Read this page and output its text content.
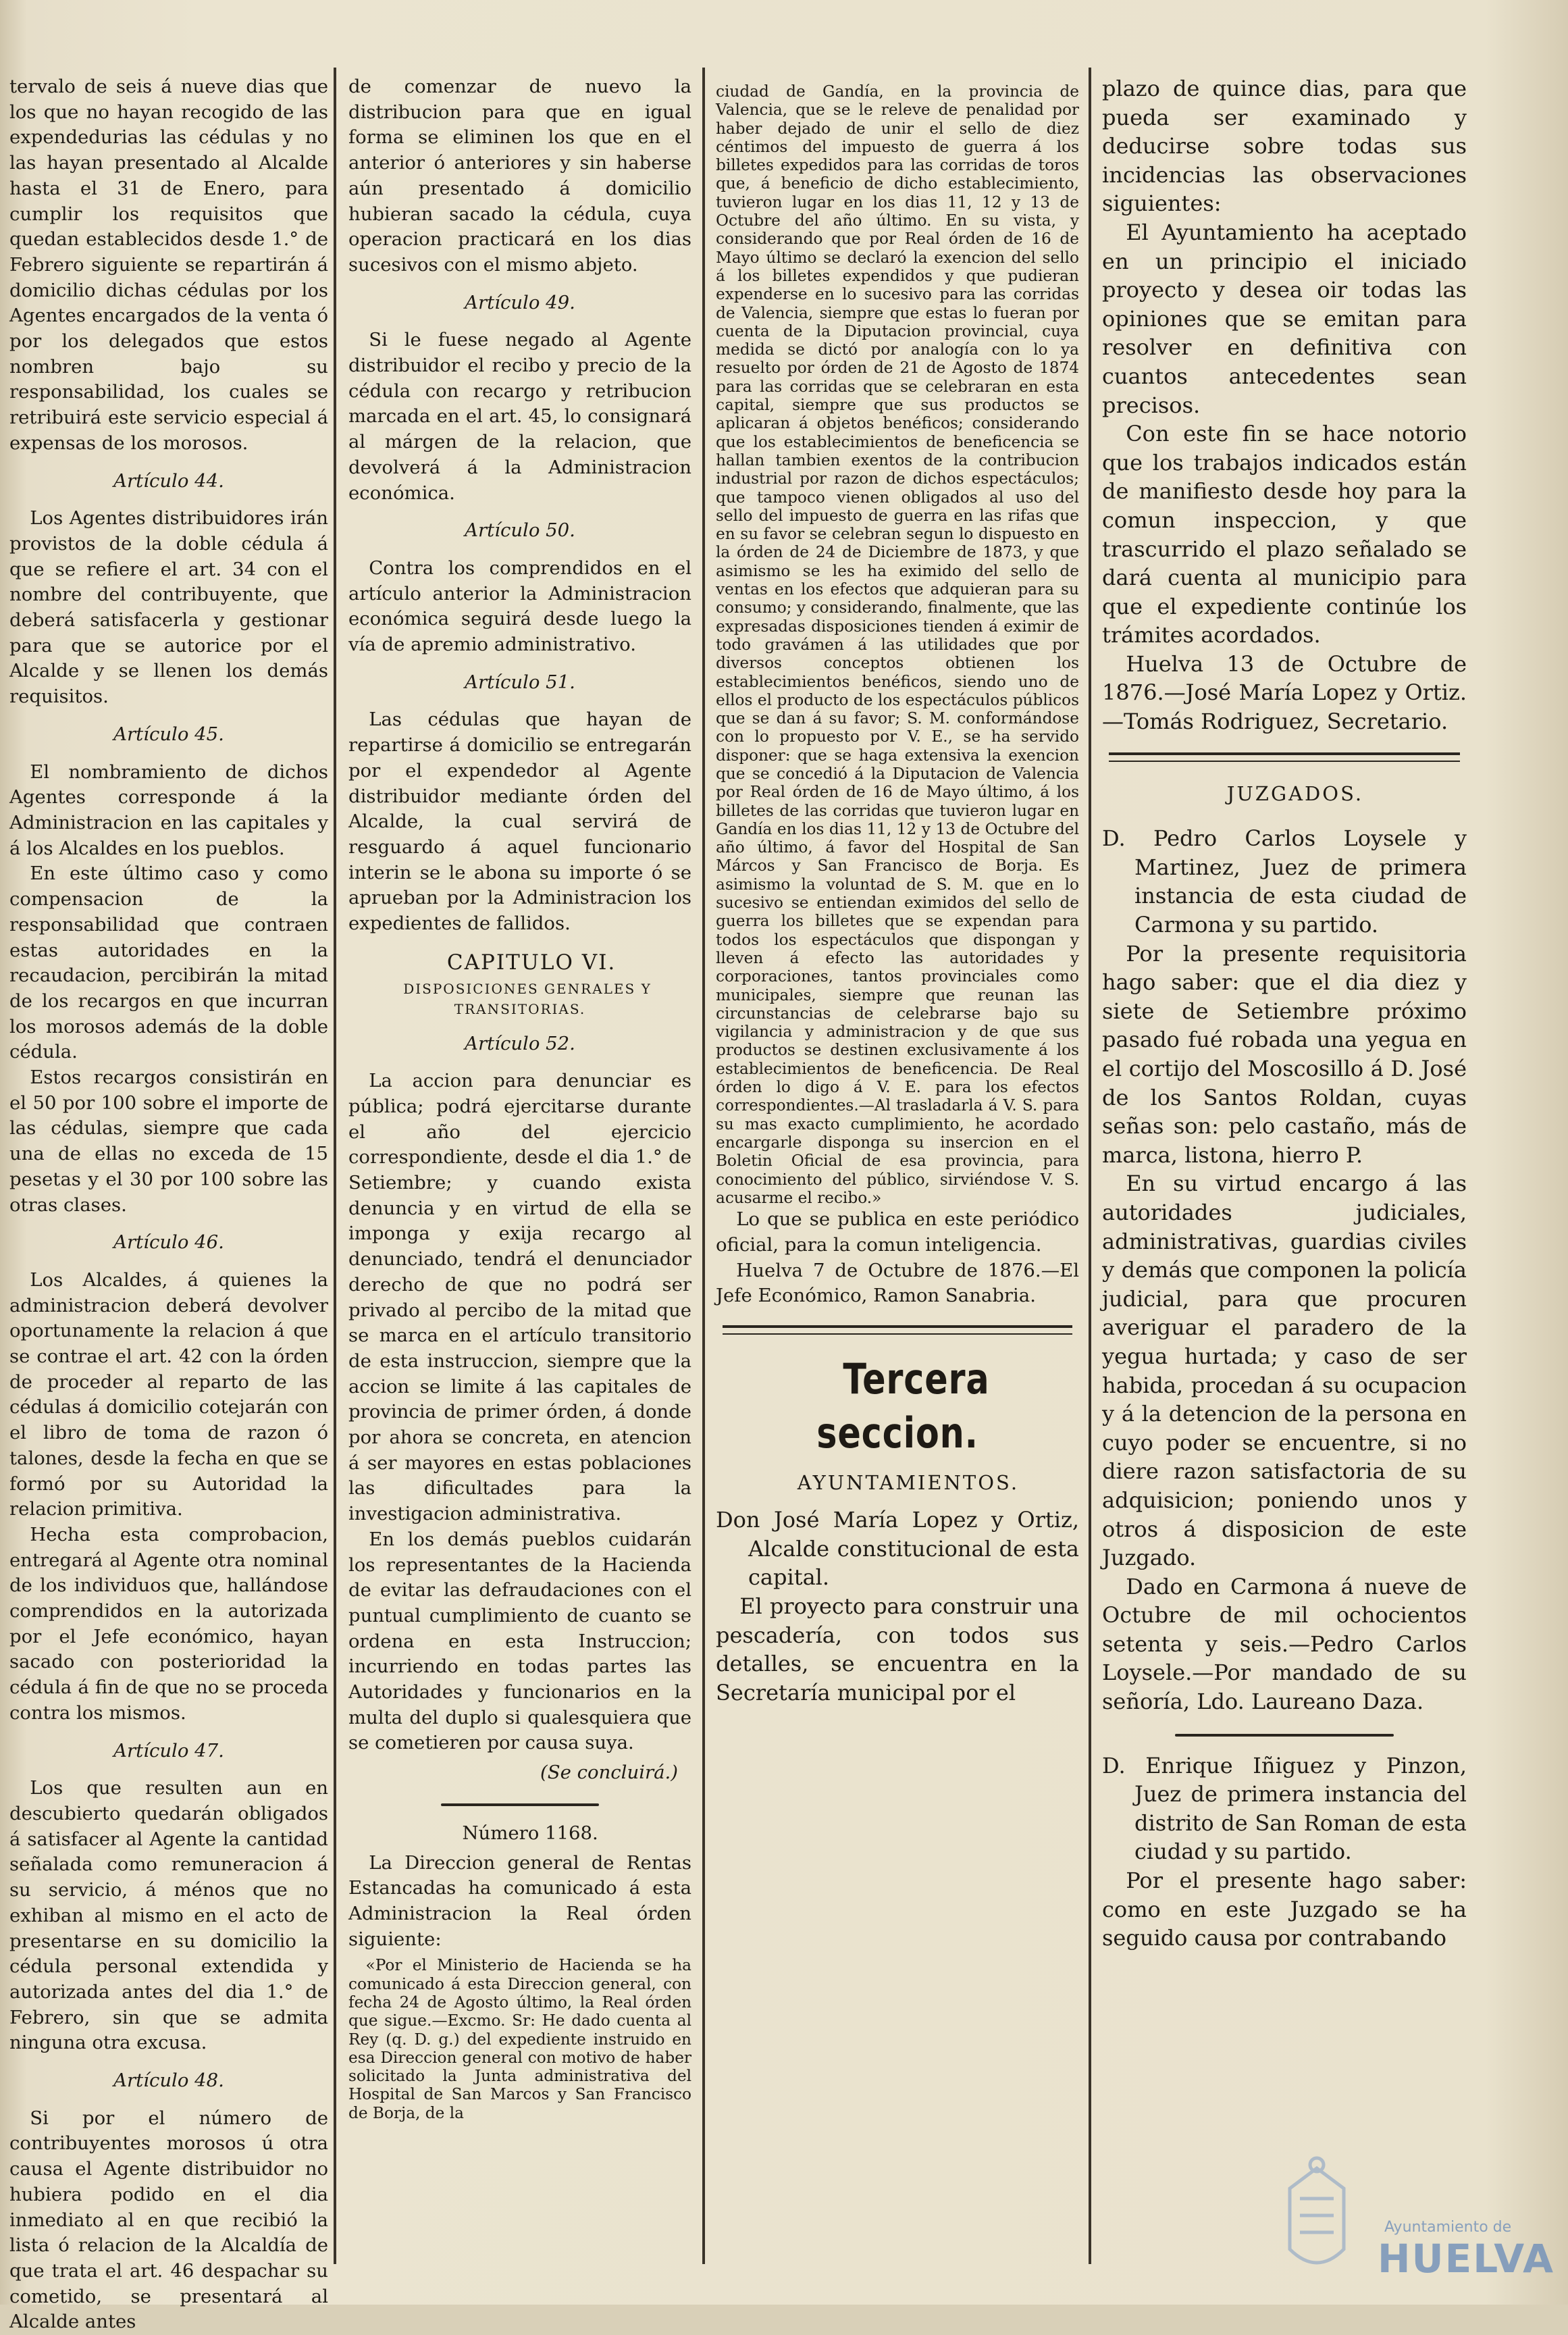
tervalo de seis á nueve dias que los que no hayan recogido de las expendedurias las cédulas y no las hayan presentado al Alcalde hasta el 31 de Enero, para cumplir los requisitos que quedan establecidos desde 1.° de Febrero siguiente se repartirán á domicilio dichas cédulas por los Agentes encargados de la venta ó por los delegados que estos nombren bajo su responsabilidad, los cuales se retribuirá este servicio especial á expensas de los morosos.

Artículo 44.

Los Agentes distribuidores irán provistos de la doble cédula á que se refiere el art. 34 con el nombre del contribuyente, que deberá satisfacerla y gestionar para que se autorice por el Alcalde y se llenen los demás requisitos.

Artículo 45.

El nombramiento de dichos Agentes corresponde á la Administracion en las capitales y á los Alcaldes en los pueblos.

En este último caso y como compensacion de la responsabilidad que contraen estas autoridades en la recaudacion, percibirán la mitad de los recargos en que incurran los morosos además de la doble cédula.

Estos recargos consistirán en el 50 por 100 sobre el importe de las cédulas, siempre que cada una de ellas no exceda de 15 pesetas y el 30 por 100 sobre las otras clases.

Artículo 46.

Los Alcaldes, á quienes la administracion deberá devolver oportunamente la relacion á que se contrae el art. 42 con la órden de proceder al reparto de las cédulas á domicilio cotejarán con el libro de toma de razon ó talones, desde la fecha en que se formó por su Autoridad la relacion primitiva.

Hecha esta comprobacion, entregará al Agente otra nominal de los individuos que, hallándose comprendidos en la autorizada por el Jefe económico, hayan sacado con posterioridad la cédula á fin de que no se proceda contra los mismos.

Artículo 47.

Los que resulten aun en descubierto quedarán obligados á satisfacer al Agente la cantidad señalada como remuneracion á su servicio, á ménos que no exhiban al mismo en el acto de presentarse en su domicilio la cédula personal extendida y autorizada antes del dia 1.° de Febrero, sin que se admita ninguna otra excusa.

Artículo 48.

Si por el número de contribuyentes morosos ú otra causa el Agente distribuidor no hubiera podido en el dia inmediato al en que recibió la lista ó relacion de la Alcaldía de que trata el art. 46 despachar su cometido, se presentará al Alcalde antes

de comenzar de nuevo la distribucion para que en igual forma se eliminen los que en el anterior ó anteriores y sin haberse aún presentado á domicilio hubieran sacado la cédula, cuya operacion practicará en los dias sucesivos con el mismo abjeto.

Artículo 49.

Si le fuese negado al Agente distribuidor el recibo y precio de la cédula con recargo y retribucion marcada en el art. 45, lo consignará al márgen de la relacion, que devolverá á la Administracion económica.

Artículo 50.

Contra los comprendidos en el artículo anterior la Administracion económica seguirá desde luego la vía de apremio administrativo.

Artículo 51.

Las cédulas que hayan de repartirse á domicilio se entregarán por el expendedor al Agente distribuidor mediante órden del Alcalde, la cual servirá de resguardo á aquel funcionario interin se le abona su importe ó se aprueban por la Administracion los expedientes de fallidos.

CAPITULO VI.

DISPOSICIONES GENRALES Y TRANSITORIAS.

Artículo 52.

La accion para denunciar es pública; podrá ejercitarse durante el año del ejercicio correspondiente, desde el dia 1.° de Setiembre; y cuando exista denuncia y en virtud de ella se imponga y exija recargo al denunciado, tendrá el denunciador derecho de que no podrá ser privado al percibo de la mitad que se marca en el artículo transitorio de esta instruccion, siempre que la accion se limite á las capitales de provincia de primer órden, á donde por ahora se concreta, en atencion á ser mayores en estas poblaciones las dificultades para la investigacion administrativa.

En los demás pueblos cuidarán los representantes de la Hacienda de evitar las defraudaciones con el puntual cumplimiento de cuanto se ordena en esta Instruccion; incurriendo en todas partes las Autoridades y funcionarios en la multa del duplo si qualesquiera que se cometieren por causa suya.

(Se concluirá.)

Número 1168.

La Direccion general de Rentas Estancadas ha comunicado á esta Administracion la Real órden siguiente:

«Por el Ministerio de Hacienda se ha comunicado á esta Direccion general, con fecha 24 de Agosto último, la Real órden que sigue.—Excmo. Sr: He dado cuenta al Rey (q. D. g.) del expediente instruido en esa Direccion general con motivo de haber solicitado la Junta administrativa del Hospital de San Marcos y San Francisco de Borja, de la

ciudad de Gandía, en la provincia de Valencia, que se le releve de penalidad por haber dejado de unir el sello de diez céntimos del impuesto de guerra á los billetes expedidos para las corridas de toros que, á beneficio de dicho establecimiento, tuvieron lugar en los dias 11, 12 y 13 de Octubre del año último. En su vista, y considerando que por Real órden de 16 de Mayo último se declaró la exencion del sello á los billetes expendidos y que pudieran expenderse en lo sucesivo para las corridas de Valencia, siempre que estas lo fueran por cuenta de la Diputacion provincial, cuya medida se dictó por analogía con lo ya resuelto por órden de 21 de Agosto de 1874 para las corridas que se celebraran en esta capital, siempre que sus productos se aplicaran á objetos benéficos; considerando que los establecimientos de beneficencia se hallan tambien exentos de la contribucion industrial por razon de dichos espectáculos; que tampoco vienen obligados al uso del sello del impuesto de guerra en las rifas que en su favor se celebran segun lo dispuesto en la órden de 24 de Diciembre de 1873, y que asimismo se les ha eximido del sello de ventas en los efectos que adquieran para su consumo; y considerando, finalmente, que las expresadas disposiciones tienden á eximir de todo gravámen á las utilidades que por diversos conceptos obtienen los establecimientos benéficos, siendo uno de ellos el producto de los espectáculos públicos que se dan á su favor; S. M. conformándose con lo propuesto por V. E., se ha servido disponer: que se haga extensiva la exencion que se concedió á la Diputacion de Valencia por Real órden de 16 de Mayo último, á los billetes de las corridas que tuvieron lugar en Gandía en los dias 11, 12 y 13 de Octubre del año último, á favor del Hospital de San Márcos y San Francisco de Borja. Es asimismo la voluntad de S. M. que en lo sucesivo se entiendan eximidos del sello de guerra los billetes que se expendan para todos los espectáculos que dispongan y lleven á efecto las autoridades y corporaciones, tantos provinciales como municipales, siempre que reunan las circunstancias de celebrarse bajo su vigilancia y administracion y de que sus productos se destinen exclusivamente á los establecimientos de beneficencia. De Real órden lo digo á V. E. para los efectos correspondientes.—Al trasladarla á V. S. para su mas exacto cumplimiento, he acordado encargarle disponga su insercion en el Boletin Oficial de esa provincia, para conocimiento del público, sirviéndose V. S. acusarme el recibo.»

Lo que se publica en este periódico oficial, para la comun inteligencia.

Huelva 7 de Octubre de 1876.—El Jefe Económico, Ramon Sanabria.

Tercera seccion.

AYUNTAMIENTOS.

Don José María Lopez y Ortiz, Alcalde constitucional de esta capital.

El proyecto para construir una pescadería, con todos sus detalles, se encuentra en la Secretaría municipal por el

plazo de quince dias, para que pueda ser examinado y deducirse sobre todas sus incidencias las observaciones siguientes:

El Ayuntamiento ha aceptado en un principio el iniciado proyecto y desea oir todas las opiniones que se emitan para resolver en definitiva con cuantos antecedentes sean precisos.

Con este fin se hace notorio que los trabajos indicados están de manifiesto desde hoy para la comun inspeccion, y que trascurrido el plazo señalado se dará cuenta al municipio para que el expediente continúe los trámites acordados.

Huelva 13 de Octubre de 1876.—José María Lopez y Ortiz.—Tomás Rodriguez, Secretario.

JUZGADOS.

D. Pedro Carlos Loysele y Martinez, Juez de primera instancia de esta ciudad de Carmona y su partido.

Por la presente requisitoria hago saber: que el dia diez y siete de Setiembre próximo pasado fué robada una yegua en el cortijo del Moscosillo á D. José de los Santos Roldan, cuyas señas son: pelo castaño, más de marca, listona, hierro P.

En su virtud encargo á las autoridades judiciales, administrativas, guardias civiles y demás que componen la policía judicial, para que procuren averiguar el paradero de la yegua hurtada; y caso de ser habida, procedan á su ocupacion y á la detencion de la persona en cuyo poder se encuentre, si no diere razon satisfactoria de su adquisicion; poniendo unos y otros á disposicion de este Juzgado.

Dado en Carmona á nueve de Octubre de mil ochocientos setenta y seis.—Pedro Carlos Loysele.—Por mandado de su señoría, Ldo. Laureano Daza.

D. Enrique Iñiguez y Pinzon, Juez de primera instancia del distrito de San Roman de esta ciudad y su partido.

Por el presente hago saber: como en este Juzgado se ha seguido causa por contrabando

Ayuntamiento de
HUELVA
